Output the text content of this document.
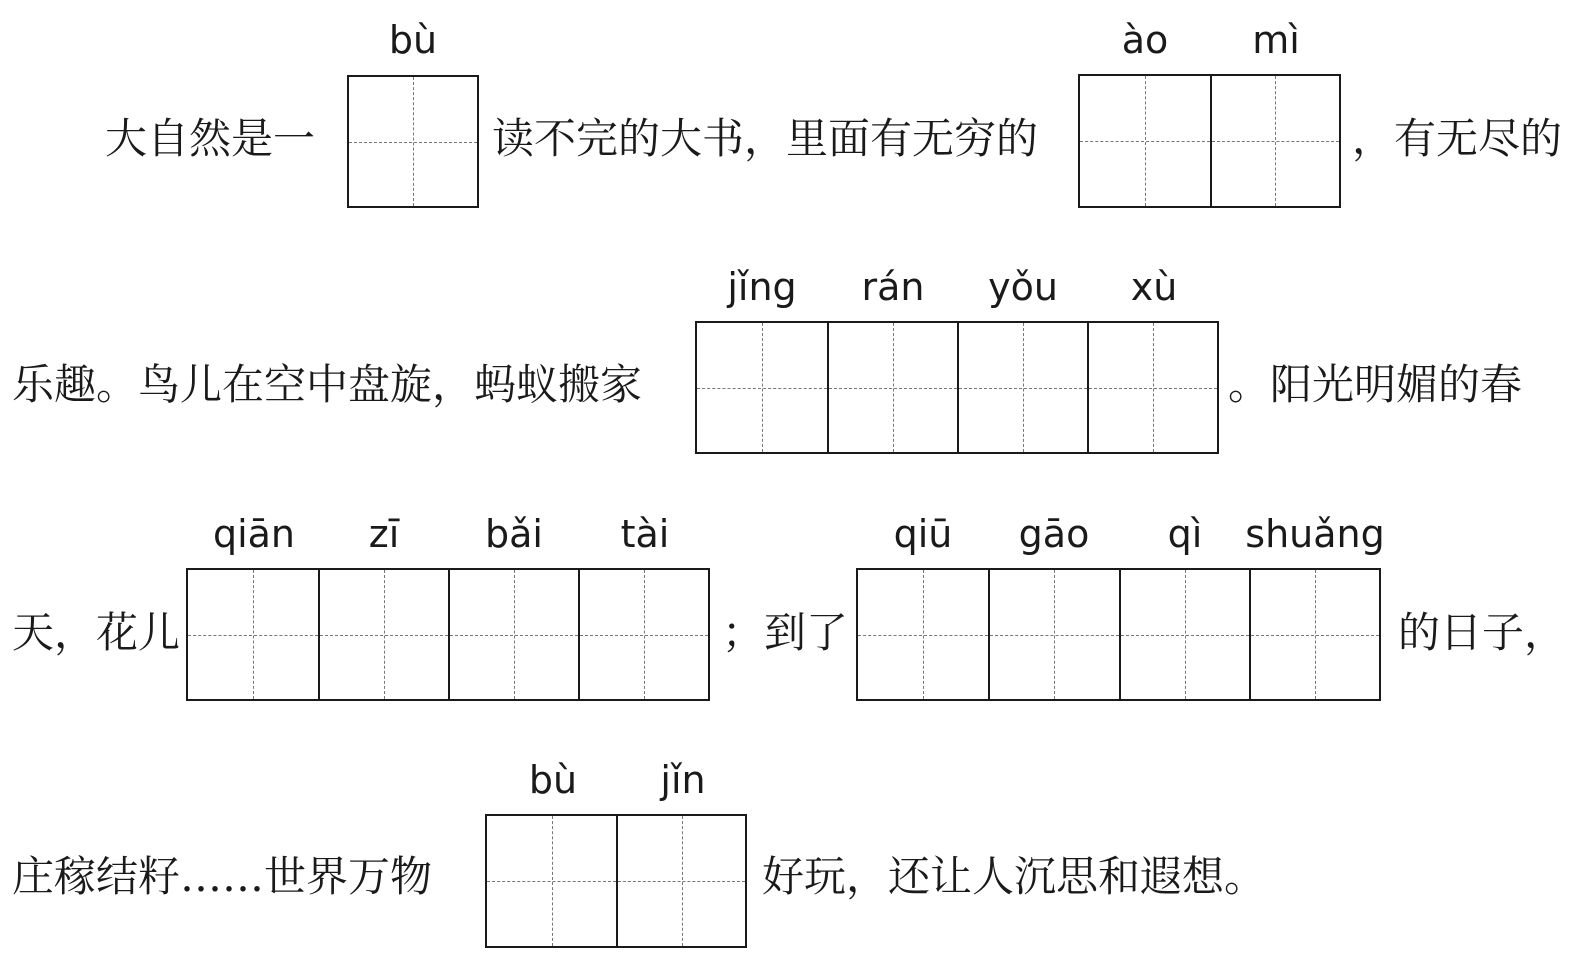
大自然是一
bù
读不完的大书，里面有无穷的
ào mì
，有无尽的
乐趣。鸟儿在空中盘旋，蚂蚁搬家
jǐng rán yǒu xù
。阳光明媚的春
天，花儿
qiān zī bǎi tài
；到了
qiū gāo qì shuǎng
的日子，
庄稼结籽……世界万物
bù jǐn
好玩，还让人沉思和遐想。
